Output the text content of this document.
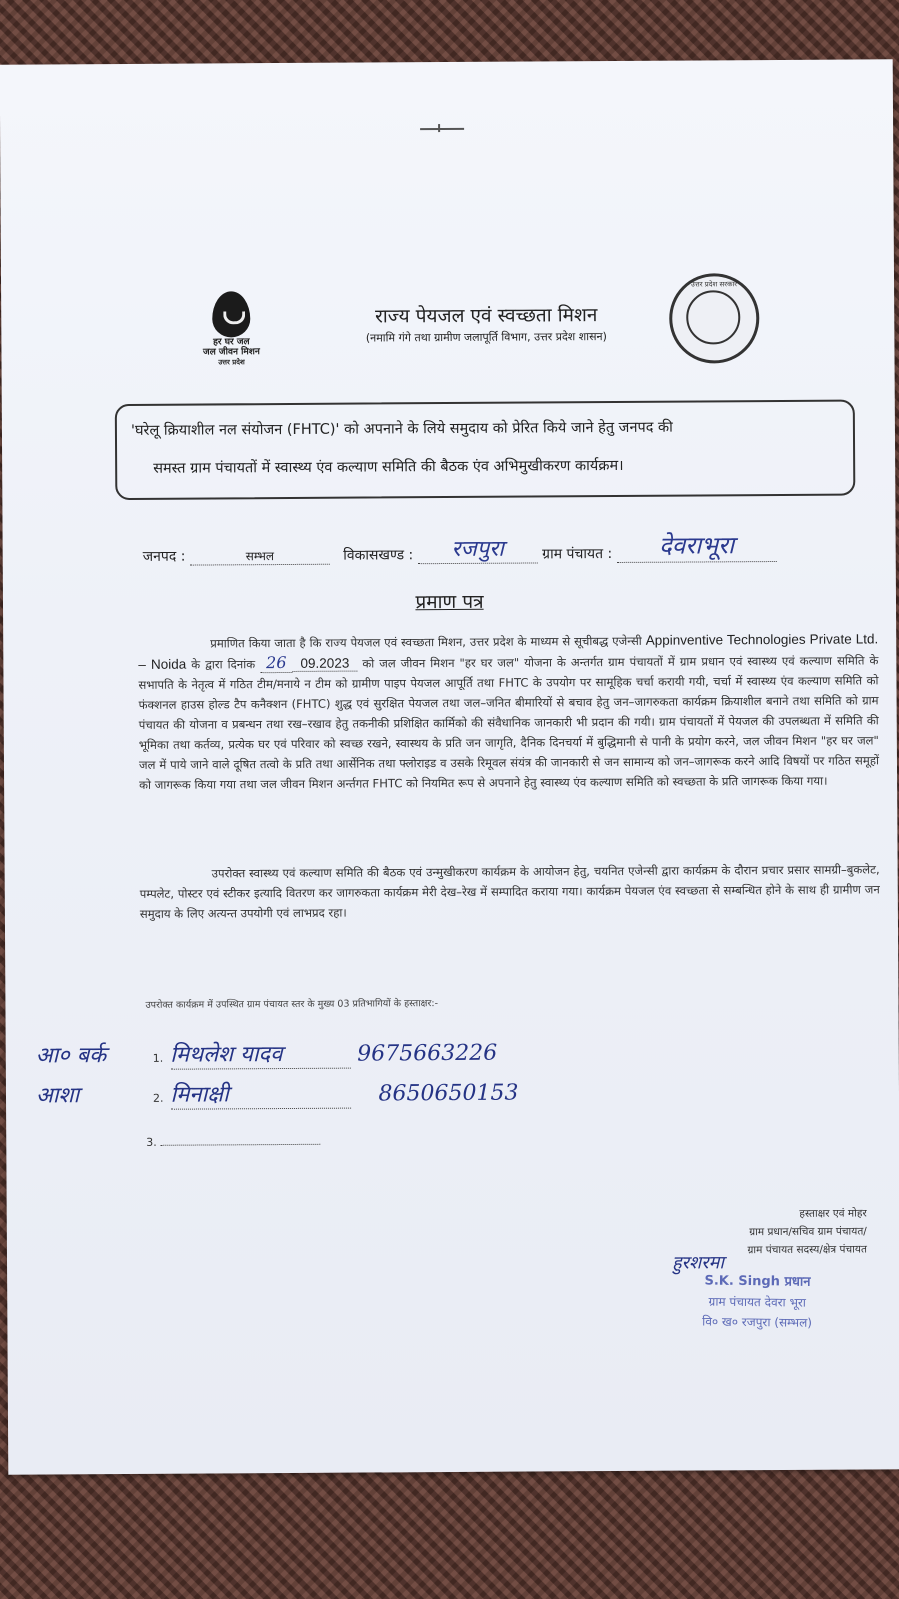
हर घर जल
जल जीवन मिशन
उत्तर प्रदेश
राज्य पेयजल एवं स्वच्छता मिशन
(नमामि गंगे तथा ग्रामीण जलापूर्ति विभाग, उत्तर प्रदेश शासन)
उत्तर प्रदेश सरकार
'घरेलू क्रियाशील नल संयोजन (FHTC)' को अपनाने के लिये समुदाय को प्रेरित किये जाने हेतु जनपद की
समस्त ग्राम पंचायतों में स्वास्थ्य एंव कल्याण समिति की बैठक एंव अभिमुखीकरण कार्यक्रम।
जनपद :	सम्भल	विकासखण्ड : रजपुरा	ग्राम पंचायत : देवराभूरा
प्रमाण पत्र
प्रमाणित किया जाता है कि राज्य पेयजल एवं स्वच्छता मिशन, उत्तर प्रदेश के माध्यम से सूचीबद्ध एजेन्सी Appinventive Technologies Private Ltd. – Noida के द्वारा दिनांक 26 09.2023 को जल जीवन मिशन "हर घर जल" योजना के अन्तर्गत ग्राम पंचायतों में ग्राम प्रधान एवं स्वास्थ्य एवं कल्याण समिति के सभापति के नेतृत्व में गठित टीम/मनाये न टीम को ग्रामीण पाइप पेयजल आपूर्ति तथा FHTC के उपयोग पर सामूहिक चर्चा करायी गयी, चर्चा में स्वास्थ्य एंव कल्याण समिति को फंक्शनल हाउस होल्ड टैप कनैक्शन (FHTC) शुद्ध एवं सुरक्षित पेयजल तथा जल–जनित बीमारियों से बचाव हेतु जन–जागरुकता कार्यक्रम क्रियाशील बनाने तथा समिति को ग्राम पंचायत की योजना व प्रबन्धन तथा रख–रखाव हेतु तकनीकी प्रशिक्षित कार्मिको की संवैधानिक जानकारी भी प्रदान की गयी। ग्राम पंचायतों में पेयजल की उपलब्धता में समिति की भूमिका तथा कर्तव्य, प्रत्येक घर एवं परिवार को स्वच्छ रखने, स्वास्थय के प्रति जन जागृति, दैनिक दिनचर्या में बुद्धिमानी से पानी के प्रयोग करने, जल जीवन मिशन "हर घर जल" जल में पाये जाने वाले दूषित तत्वो के प्रति तथा आर्सेनिक तथा फ्लोराइड व उसके रिमूवल संयंत्र की जानकारी से जन सामान्य को जन–जागरूक करने आदि विषयों पर गठित समूहों को जागरूक किया गया तथा जल जीवन मिशन अर्न्तगत FHTC को नियमित रूप से अपनाने हेतु स्वास्थ्य एंव कल्याण समिति को स्वच्छता के प्रति जागरूक किया गया।
उपरोक्त स्वास्थ्य एवं कल्याण समिति की बैठक एवं उन्मुखीकरण कार्यक्रम के आयोजन हेतु, चयनित एजेन्सी द्वारा कार्यक्रम के दौरान प्रचार प्रसार सामग्री–बुकलेट, पम्पलेट, पोस्टर एवं स्टीकर इत्यादि वितरण कर जागरुकता कार्यक्रम मेरी देख–रेख में सम्पादित कराया गया। कार्यक्रम पेयजल एंव स्वच्छता से सम्बन्धित होने के साथ ही ग्रामीण जन समुदाय के लिए अत्यन्त उपयोगी एवं लाभप्रद रहा।
उपरोक्त कार्यक्रम में उपस्थित ग्राम पंचायत स्तर के मुख्य 03 प्रतिभागियों के हस्ताक्षर:-
आ० बर्क	1. मिथलेश यादव	9675663226
आशा	2. मिनाक्षी	8650650153
3.
हस्ताक्षर एवं मोहर
ग्राम प्रधान/सचिव ग्राम पंचायत/
ग्राम पंचायत सदस्य/क्षेत्र पंचायत
हुरशरमा
S.K. Singh प्रधान
ग्राम पंचायत देवरा भूरा
वि० ख० रजपुरा (सम्भल)
